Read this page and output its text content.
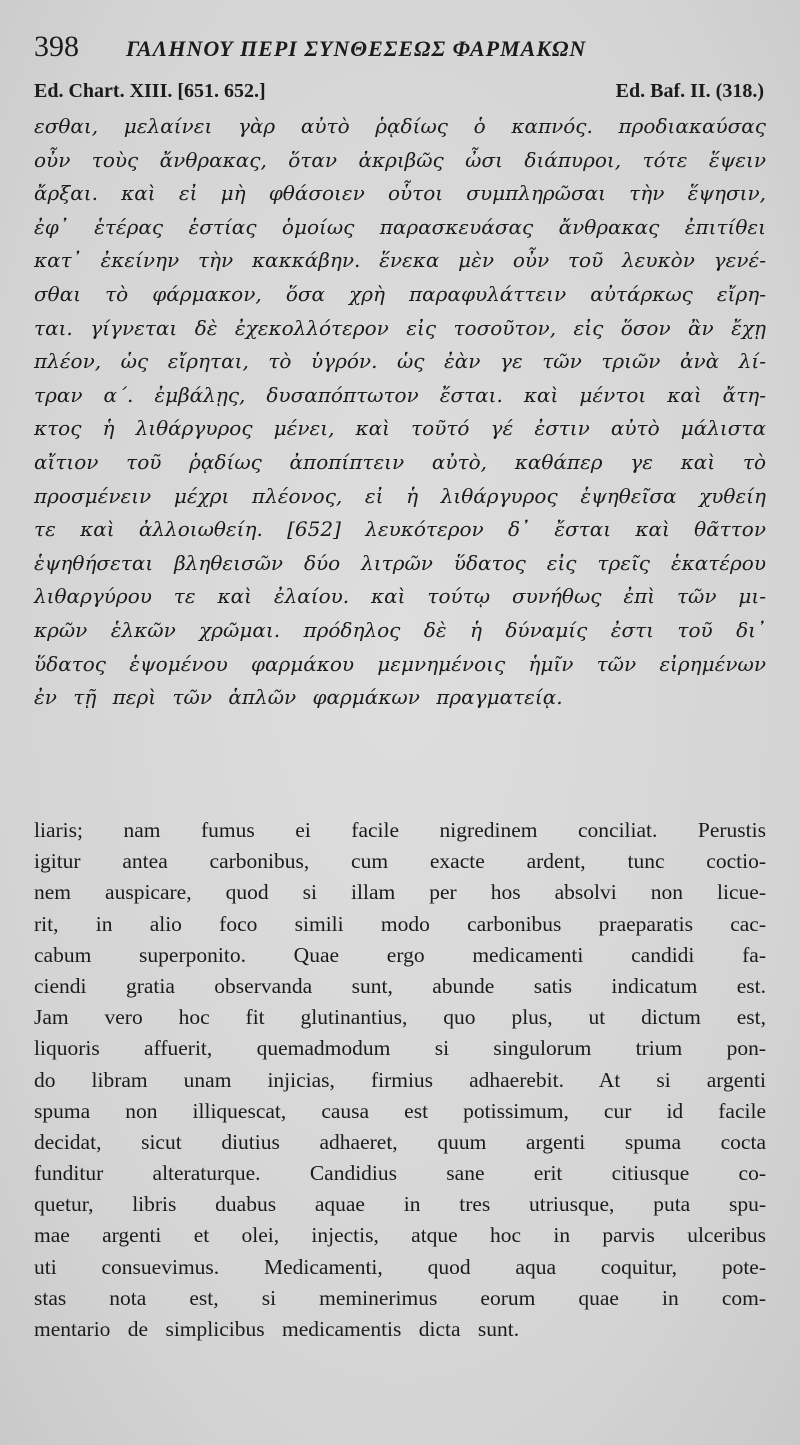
398 ΓΑΛΗΝΟΥ ΠΕΡΙ ΣΥΝΘΕΣΕΩΣ ΦΑΡΜΑΚΩΝ
Ed. Chart. XIII. [651. 652.]	Ed. Baf. II. (318.)
εσθαι, μελαίνει γὰρ αὐτὸ ῥᾳδίως ὁ καπνός. προδιακαύσας
οὖν τοὺς ἄνθρακας, ὅταν ἀκριβῶς ὦσι διάπυροι, τότε ἕψειν
ἄρξαι. καὶ εἰ μὴ φθάσοιεν οὗτοι συμπληρῶσαι τὴν ἕψησιν,
ἐφ᾽ ἑτέρας ἑστίας ὁμοίως παρασκευάσας ἄνθρακας ἐπιτίθει
κατ᾽ ἐκείνην τὴν κακκάβην. ἕνεκα μὲν οὖν τοῦ λευκὸν γενέ-
σθαι τὸ φάρμακον, ὅσα χρὴ παραφυλάττειν αὐτάρκως εἴρη-
ται. γίγνεται δὲ ἐχεκολλότερον εἰς τοσοῦτον, εἰς ὅσον ἂν ἔχῃ
πλέον, ὡς εἴρηται, τὸ ὑγρόν. ὡς ἐὰν γε τῶν τριῶν ἀνὰ λί-
τραν α΄. ἐμβάλῃς, δυσαπόπτωτον ἔσται. καὶ μέντοι καὶ ἄτη-
κτος ἡ λιθάργυρος μένει, καὶ τοῦτό γέ ἐστιν αὐτὸ μάλιστα
αἴτιον τοῦ ῥᾳδίως ἀποπίπτειν αὐτὸ, καθάπερ γε καὶ τὸ
προσμένειν μέχρι πλέονος, εἰ ἡ λιθάργυρος ἑψηθεῖσα χυθείη
τε καὶ ἀλλοιωθείη. [652] λευκότερον δ᾽ ἔσται καὶ θᾶττον
ἑψηθήσεται βληθεισῶν δύο λιτρῶν ὕδατος εἰς τρεῖς ἑκατέρου
λιθαργύρου τε καὶ ἐλαίου. καὶ τούτῳ συνήθως ἐπὶ τῶν μι-
κρῶν ἑλκῶν χρῶμαι. πρόδηλος δὲ ἡ δύναμίς ἐστι τοῦ δι᾽
ὕδατος ἑψομένου φαρμάκου μεμνημένοις ἡμῖν τῶν εἰρημένων
ἐν τῇ περὶ τῶν ἁπλῶν φαρμάκων πραγματείᾳ.
liaris; nam fumus ei facile nigredinem conciliat. Perustis
igitur antea carbonibus, cum exacte ardent, tunc coctio-
nem auspicare, quod si illam per hos absolvi non licue-
rit, in alio foco simili modo carbonibus praeparatis cac-
cabum superponito. Quae ergo medicamenti candidi fa-
ciendi gratia observanda sunt, abunde satis indicatum est.
Jam vero hoc fit glutinantius, quo plus, ut dictum est,
liquoris affuerit, quemadmodum si singulorum trium pon-
do libram unam injicias, firmius adhaerebit. At si argenti
spuma non illiquescat, causa est potissimum, cur id facile
decidat, sicut diutius adhaeret, quum argenti spuma cocta
funditur alteraturque. Candidius sane erit citiusque co-
quetur, libris duabus aquae in tres utriusque, puta spu-
mae argenti et olei, injectis, atque hoc in parvis ulceribus
uti consuevimus. Medicamenti, quod aqua coquitur, pote-
stas nota est, si meminerimus eorum quae in com-
mentario de simplicibus medicamentis dicta sunt.
